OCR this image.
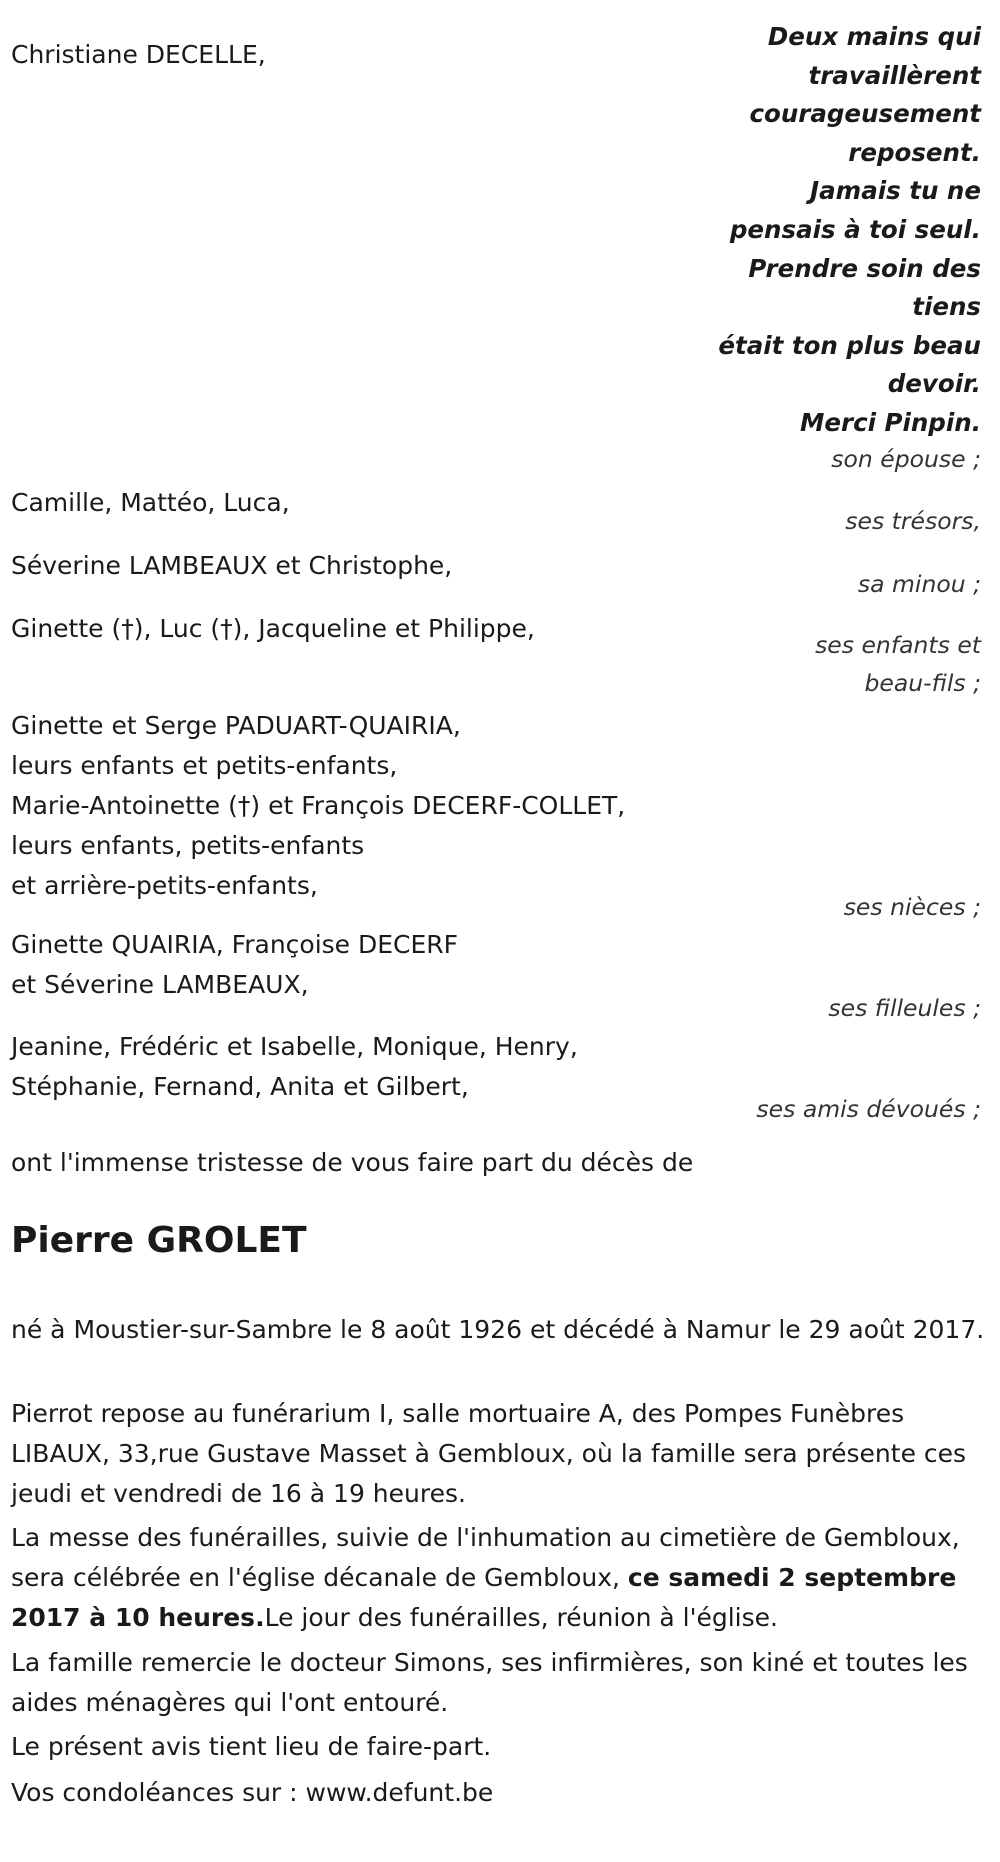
Christiane DECELLE,
Deux mains qui
travaillèrent
courageusement
reposent.
Jamais tu ne
pensais à toi seul.
Prendre soin des
tiens
était ton plus beau
devoir.
Merci Pinpin.
son épouse ;
Camille, Mattéo, Luca,
ses trésors,
Séverine LAMBEAUX et Christophe,
sa minou ;
Ginette (†), Luc (†), Jacqueline et Philippe,
ses enfants et
beau-fils ;
Ginette et Serge PADUART-QUAIRIA,
leurs enfants et petits-enfants,
Marie-Antoinette (†) et François DECERF-COLLET,
leurs enfants, petits-enfants
et arrière-petits-enfants,
ses nièces ;
Ginette QUAIRIA, Françoise DECERF
et Séverine LAMBEAUX,
ses filleules ;
Jeanine, Frédéric et Isabelle, Monique, Henry,
Stéphanie, Fernand, Anita et Gilbert,
ses amis dévoués ;
ont l'immense tristesse de vous faire part du décès de
Pierre GROLET
né à Moustier-sur-Sambre le 8 août 1926 et décédé à Namur le 29 août 2017.
Pierrot repose au funérarium I, salle mortuaire A, des Pompes Funèbres LIBAUX, 33,rue Gustave Masset à Gembloux, où la famille sera présente ces jeudi et vendredi de 16 à 19 heures.
La messe des funérailles, suivie de l'inhumation au cimetière de Gembloux, sera célébrée en l'église décanale de Gembloux, ce samedi 2 septembre 2017 à 10 heures.Le jour des funérailles, réunion à l'église.
La famille remercie le docteur Simons, ses infirmières, son kiné et toutes les aides ménagères qui l'ont entouré.
Le présent avis tient lieu de faire-part.
Vos condoléances sur : www.defunt.be
